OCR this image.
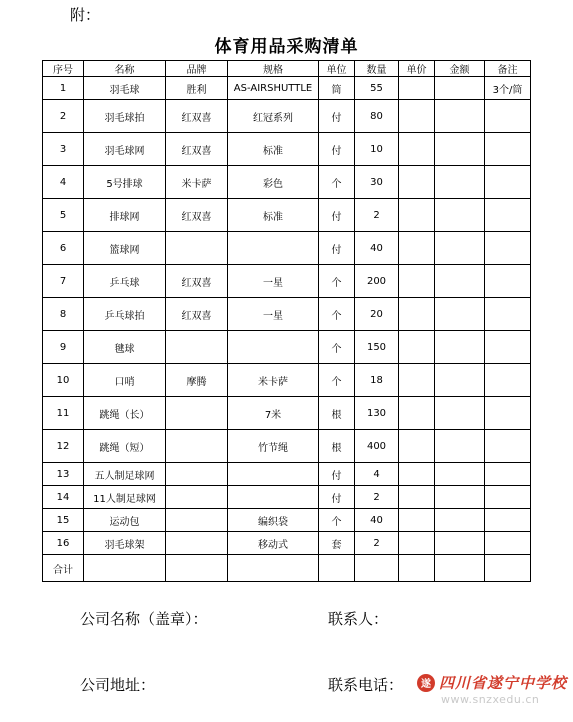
附：
体育用品采购清单
序号	名称	品牌	规格	单位	数量	单价	金额	备注
1	羽毛球	胜利	AS-AIRSHUTTLE	筒	55			3个/筒
2	羽毛球拍	红双喜	红冠系列	付	80			
3	羽毛球网	红双喜	标准	付	10			
4	5号排球	米卡萨	彩色	个	30			
5	排球网	红双喜	标准	付	2			
6	篮球网			付	40			
7	乒乓球	红双喜	一星	个	200			
8	乒乓球拍	红双喜	一星	个	20			
9	毽球			个	150			
10	口哨	摩腾	米卡萨	个	18			
11	跳绳（长）		7米	根	130			
12	跳绳（短）		竹节绳	根	400			
13	五人制足球网			付	4			
14	11人制足球网			付	2			
15	运动包		编织袋	个	40			
16	羽毛球架		移动式	套	2			
合计								
公司名称（盖章）：	联系人：
公司地址：	联系电话：	遂 四川省遂宁中学校
www.snzxedu.cn
